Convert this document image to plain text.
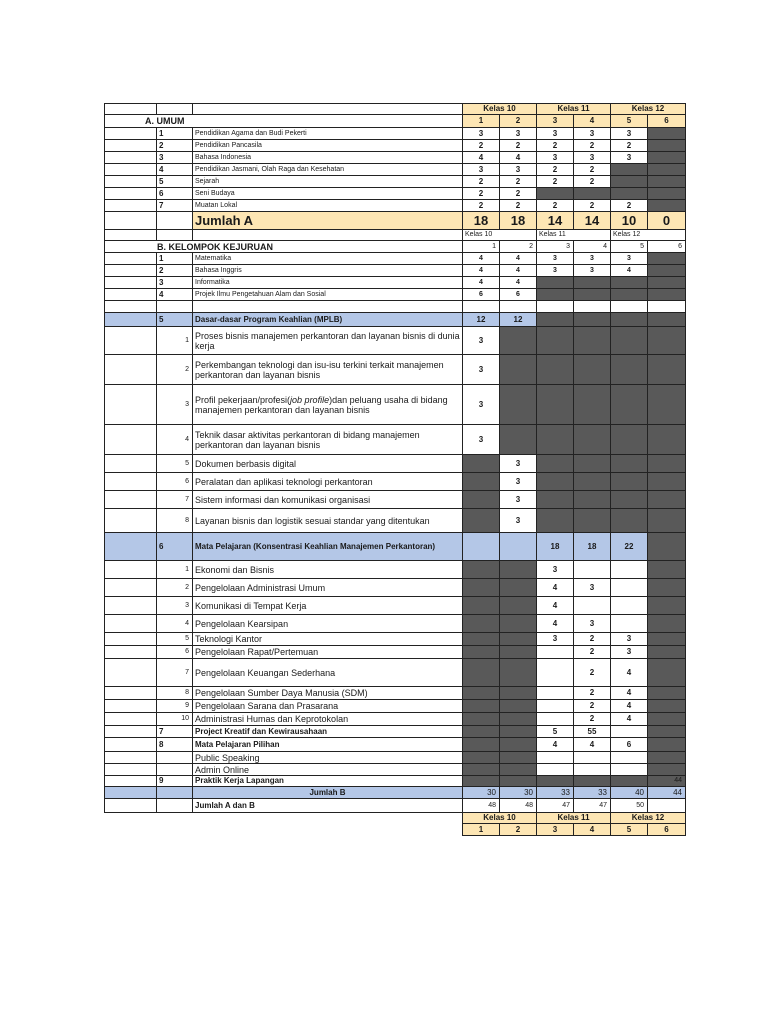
			Kelas 10		Kelas 11		Kelas 12	
A. UMUM			1	2	3	4	5	6
	1	Pendidikan Agama dan Budi Pekerti	3	3	3	3	3	
	2	Pendidikan Pancasila	2	2	2	2	2	
	3	Bahasa Indonesia	4	4	3	3	3	
	4	Pendidikan Jasmani, Olah Raga dan Kesehatan	3	3	2	2		
	5	Sejarah	2	2	2	2		
	6	Seni Budaya	2	2				
	7	Muatan Lokal	2	2	2	2	2	
		Jumlah A	18	18	14	14	10	0
			Kelas 10		Kelas 11		Kelas 12	
B. KELOMPOK KEJURUAN			1	2	3	4	5	6
	1	Matematika	4	4	3	3	3	
	2	Bahasa Inggris	4	4	3	3	4	
	3	Informatika	4	4				
	4	Projek Ilmu Pengetahuan Alam dan Sosial	6	6				

	5	Dasar-dasar Program Keahlian (MPLB)	12	12				
	1	Proses bisnis manajemen perkantoran dan layanan bisnis di dunia kerja	3					
	2	Perkembangan teknologi dan isu-isu terkini terkait manajemen perkantoran dan layanan bisnis	3					
	3	Profil pekerjaan/profesi(job profile)dan peluang usaha di bidang manajemen perkantoran dan layanan bisnis	3					
	4	Teknik dasar aktivitas perkantoran di bidang manajemen perkantoran dan layanan bisnis	3					
	5	Dokumen berbasis digital		3				
	6	Peralatan dan aplikasi teknologi perkantoran		3				
	7	Sistem informasi dan komunikasi organisasi		3				
	8	Layanan bisnis dan logistik sesuai standar yang ditentukan		3				
	6	Mata Pelajaran (Konsentrasi Keahlian Manajemen Perkantoran)			18	18	22	
	1	Ekonomi dan Bisnis			3			
	2	Pengelolaan Administrasi Umum			4	3		
	3	Komunikasi di Tempat Kerja			4			
	4	Pengelolaan Kearsipan			4	3		
	5	Teknologi Kantor			3	2	3	
	6	Pengelolaan Rapat/Pertemuan				2	3	
	7	Pengelolaan Keuangan Sederhana				2	4	
	8	Pengelolaan Sumber Daya Manusia (SDM)				2	4	
	9	Pengelolaan Sarana dan Prasarana				2	4	
	10	Administrasi Humas dan Keprotokolan				2	4	
	7	Project Kreatif dan Kewirausahaan			5	55		
	8	Mata Pelajaran Pilihan			4	4	6	
		Public Speaking						
		Admin Online						
	9	Praktik Kerja Lapangan						44
		Jumlah B	30	30	33	33	40	44
		Jumlah A dan B	48	48	47	47	50	
			Kelas 10		Kelas 11		Kelas 12	
			1	2	3	4	5	6
